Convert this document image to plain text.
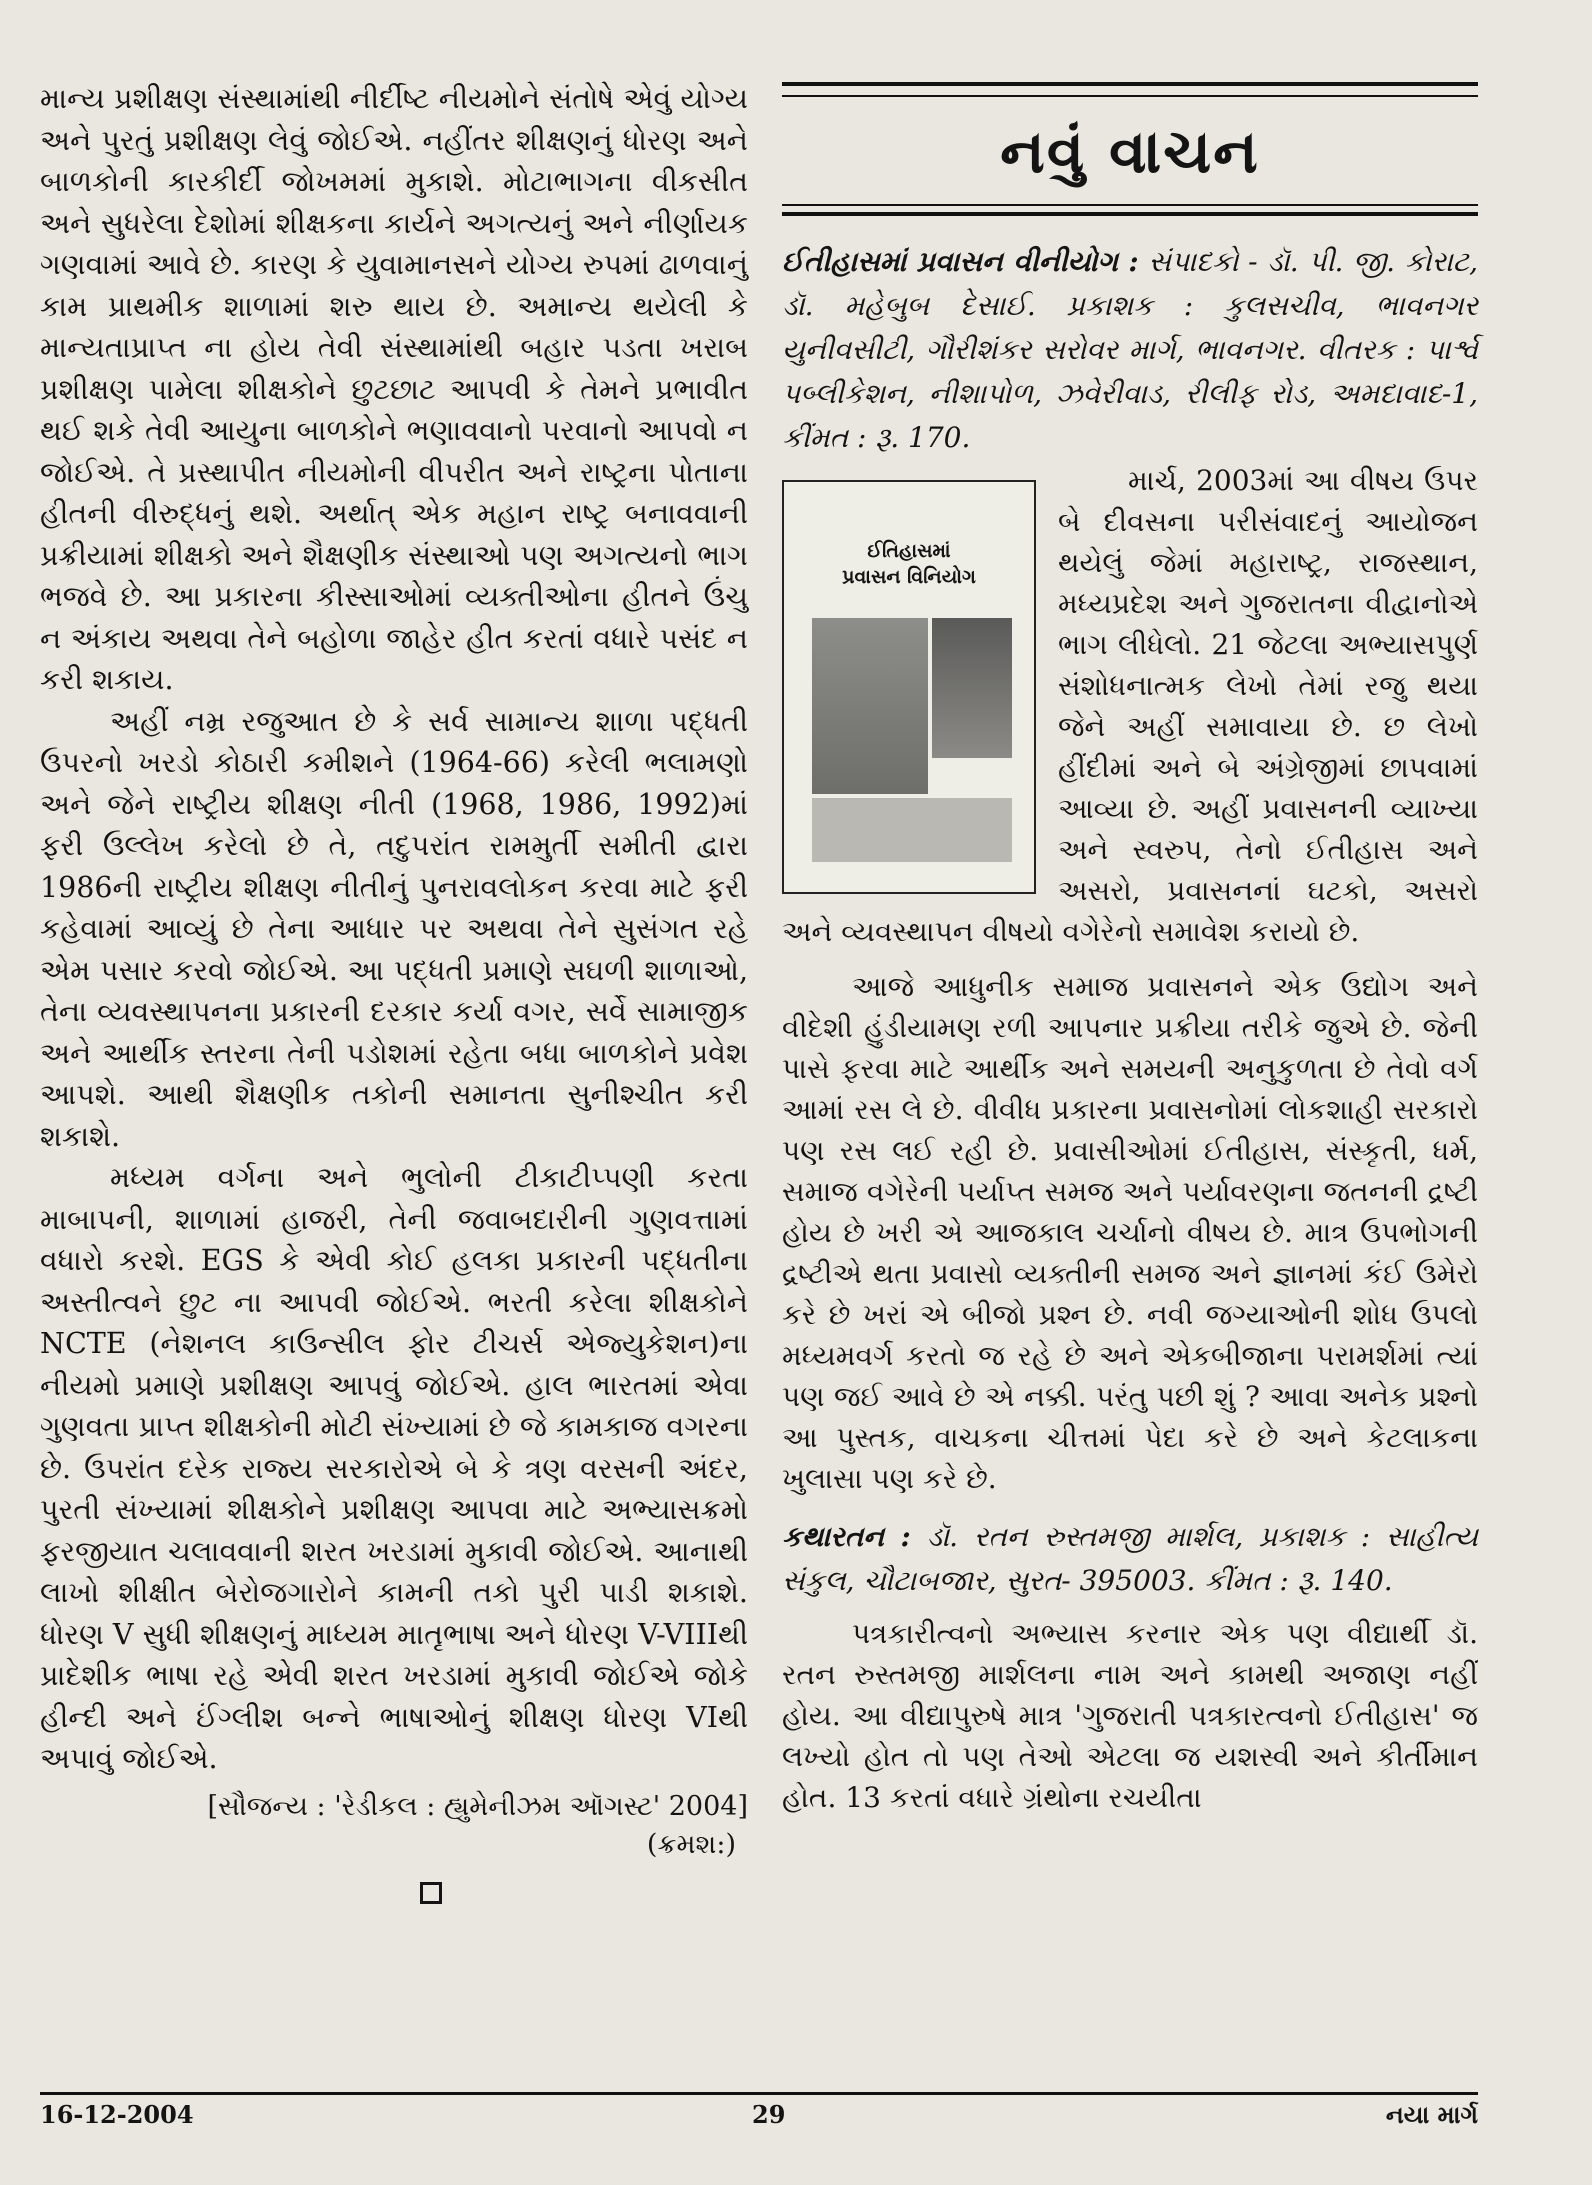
માન્ય પ્રશીક્ષણ સંસ્થામાંથી નીર્દીષ્ટ નીયમોને સંતોષે એવું યોગ્ય અને પુરતું પ્રશીક્ષણ લેવું જોઈએ. નહીંતર શીક્ષણનું ધોરણ અને બાળકોની કારકીર્દી જોખમમાં મુકાશે. મોટાભાગના વીકસીત અને સુધરેલા દેશોમાં શીક્ષકના કાર્યને અગત્યનું અને નીર્ણાયક ગણવામાં આવે છે. કારણ કે યુવામાનસને યોગ્ય રુપમાં ઢાળવાનું કામ પ્રાથમીક શાળામાં શરુ થાય છે. અમાન્ય થયેલી કે માન્યતાપ્રાપ્ત ના હોય તેવી સંસ્થામાંથી બહાર પડતા ખરાબ પ્રશીક્ષણ પામેલા શીક્ષકોને છુટછાટ આપવી કે તેમને પ્રભાવીત થઈ શકે તેવી આયુના બાળકોને ભણાવવાનો પરવાનો આપવો ન જોઈએ. તે પ્રસ્થાપીત નીયમોની વીપરીત અને રાષ્ટ્રના પોતાના હીતની વીરુદ્ધનું થશે. અર્થાત્ એક મહાન રાષ્ટ્ર બનાવવાની પ્રક્રીયામાં શીક્ષકો અને શૈક્ષણીક સંસ્થાઓ પણ અગત્યનો ભાગ ભજવે છે. આ પ્રકારના કીસ્સાઓમાં વ્યક્તીઓના હીતને ઉંચુ ન અંકાય અથવા તેને બહોળા જાહેર હીત કરતાં વધારે પસંદ ન કરી શકાય.

અહીં નમ્ર રજુઆત છે કે સર્વ સામાન્ય શાળા પદ્ધતી ઉપરનો ખરડો કોઠારી કમીશને (1964-66) કરેલી ભલામણો અને જેને રાષ્ટ્રીય શીક્ષણ નીતી (1968, 1986, 1992)માં ફરી ઉલ્લેખ કરેલો છે તે, તદુપરાંત રામમુર્તી સમીતી દ્વારા 1986ની રાષ્ટ્રીય શીક્ષણ નીતીનું પુનરાવલોકન કરવા માટે ફરી કહેવામાં આવ્યું છે તેના આધાર પર અથવા તેને સુસંગત રહે એમ પસાર કરવો જોઈએ. આ પદ્ધતી પ્રમાણે સઘળી શાળાઓ, તેના વ્યવસ્થાપનના પ્રકારની દરકાર કર્યા વગર, સર્વે સામાજીક અને આર્થીક સ્તરના તેની પડોશમાં રહેતા બધા બાળકોને પ્રવેશ આપશે. આથી શૈક્ષણીક તકોની સમાનતા સુનીશ્ચીત કરી શકાશે.

મધ્યમ વર્ગના અને ભુલોની ટીકાટીપ્પણી કરતા માબાપની, શાળામાં હાજરી, તેની જવાબદારીની ગુણવત્તામાં વધારો કરશે. EGS કે એવી કોઈ હલકા પ્રકારની પદ્ધતીના અસ્તીત્વને છુટ ના આપવી જોઈએ. ભરતી કરેલા શીક્ષકોને NCTE (નેશનલ કાઉન્સીલ ફોર ટીચર્સ એજ્યુકેશન)ના નીયમો પ્રમાણે પ્રશીક્ષણ આપવું જોઈએ. હાલ ભારતમાં એવા ગુણવતા પ્રાપ્ત શીક્ષકોની મોટી સંખ્યામાં છે જે કામકાજ વગરના છે. ઉપરાંત દરેક રાજ્ય સરકારોએ બે કે ત્રણ વરસની અંદર, પુરતી સંખ્યામાં શીક્ષકોને પ્રશીક્ષણ આપવા માટે અભ્યાસક્રમો ફરજીયાત ચલાવવાની શરત ખરડામાં મુકાવી જોઈએ. આનાથી લાખો શીક્ષીત બેરોજગારોને કામની તકો પુરી પાડી શકાશે. ધોરણ V સુધી શીક્ષણનું માધ્યમ માતૃભાષા અને ધોરણ V-VIIIથી પ્રાદેશીક ભાષા રહે એવી શરત ખરડામાં મુકાવી જોઈએ જોકે હીન્દી અને ઈંગ્લીશ બન્ને ભાષાઓનું શીક્ષણ ધોરણ VIથી અપાવું જોઈએ.

[સૌજન્ય : 'રેડીકલ : હ્યુમેનીઝમ ઑગસ્ટ' 2004]
(ક્રમશ:)
નવું વાચન

ઈતીહાસમાં પ્રવાસન વીનીયોગ : સંપાદકો - ડૉ. પી. જી. કોરાટ, ડૉ. મહેબુબ દેસાઈ. પ્રકાશક : કુલસચીવ, ભાવનગર યુનીવસીટી, ગૌરીશંકર સરોવર માર્ગ, ભાવનગર. વીતરક : પાર્શ્વ પબ્લીકેશન, નીશાપોળ, ઝવેરીવાડ, રીલીફ રોડ, અમદાવાદ-1, કીંમત : રૂ. 170.

ઈતિહાસમાં
પ્રવાસન વિનિયોગ

માર્ચ, 2003માં આ વીષય ઉપર બે દીવસના પરીસંવાદનું આયોજન થયેલું જેમાં મહારાષ્ટ્ર, રાજસ્થાન, મધ્યપ્રદેશ અને ગુજરાતના વીદ્વાનોએ ભાગ લીધેલો. 21 જેટલા અભ્યાસપુર્ણ સંશોધનાત્મક લેખો તેમાં રજુ થયા જેને અહીં સમાવાયા છે. છ લેખો હીંદીમાં અને બે અંગ્રેજીમાં છાપવામાં આવ્યા છે. અહીં પ્રવાસનની વ્યાખ્યા અને સ્વરુપ, તેનો ઈતીહાસ અને અસરો, પ્રવાસનનાં ઘટકો, અસરો અને વ્યવસ્થાપન વીષયો વગેરેનો સમાવેશ કરાયો છે.

આજે આધુનીક સમાજ પ્રવાસનને એક ઉદ્યોગ અને વીદેશી હુંડીયામણ રળી આપનાર પ્રક્રીયા તરીકે જુએ છે. જેની પાસે ફરવા માટે આર્થીક અને સમયની અનુકુળતા છે તેવો વર્ગ આમાં રસ લે છે. વીવીધ પ્રકારના પ્રવાસનોમાં લોકશાહી સરકારો પણ રસ લઈ રહી છે. પ્રવાસીઓમાં ઈતીહાસ, સંસ્કૃતી, ધર્મ, સમાજ વગેરેની પર્યાપ્ત સમજ અને પર્યાવરણના જતનની દ્રષ્ટી હોય છે ખરી એ આજકાલ ચર્ચાનો વીષય છે. માત્ર ઉપભોગની દ્રષ્ટીએ થતા પ્રવાસો વ્યક્તીની સમજ અને જ્ઞાનમાં કંઈ ઉમેરો કરે છે ખરાં એ બીજો પ્રશ્ન છે. નવી જગ્યાઓની શોધ ઉપલો મધ્યમવર્ગ કરતો જ રહે છે અને એકબીજાના પરામર્શમાં ત્યાં પણ જઈ આવે છે એ નક્કી. પરંતુ પછી શું ? આવા અનેક પ્રશ્નો આ પુસ્તક, વાચકના ચીત્તમાં પેદા કરે છે અને કેટલાકના ખુલાસા પણ કરે છે.

કથારતન : ડૉ. રતન રુસ્તમજી માર્શલ, પ્રકાશક : સાહીત્ય સંકુલ, ચૌટાબજાર, સુરત- 395003. કીંમત : રૂ. 140.

પત્રકારીત્વનો અભ્યાસ કરનાર એક પણ વીદ્યાર્થી ડૉ. રતન રુસ્તમજી માર્શલના નામ અને કામથી અજાણ નહીં હોય. આ વીદ્યાપુરુષે માત્ર 'ગુજરાતી પત્રકારત્વનો ઈતીહાસ' જ લખ્યો હોત તો પણ તેઓ એટલા જ યશસ્વી અને કીર્તીમાન હોત. 13 કરતાં વધારે ગ્રંથોના રચયીતા

16-12-2004	29	નયા માર્ગ
